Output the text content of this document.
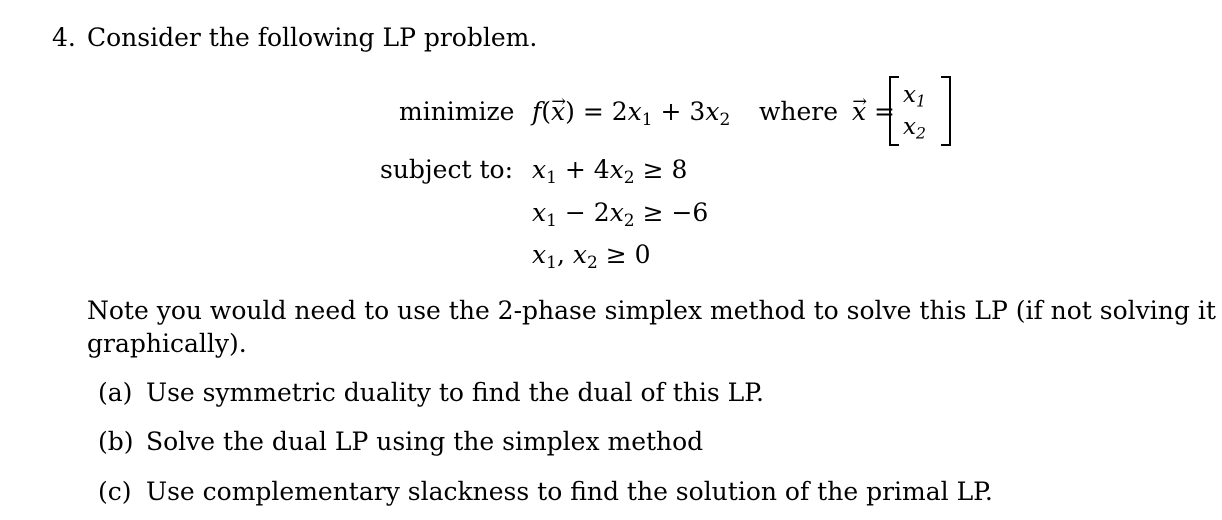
4. Consider the following LP problem.
minimize $f(\to x) = 2x_1 + 3x_2$ where
→ x =
$x_1$
$x_2$
subject to: $x_1 + 4x_2 \ge 8$
$x_1 - 2x_2 \ge -6$
$x_1$, $x_2 \ge 0$
Note you would need to use the 2-phase simplex method to solve this LP (if not solving it
graphically).
(a) Use symmetric duality to find the dual of this LP.
(b) Solve the dual LP using the simplex method
(c) Use complementary slackness to find the solution of the primal LP.
